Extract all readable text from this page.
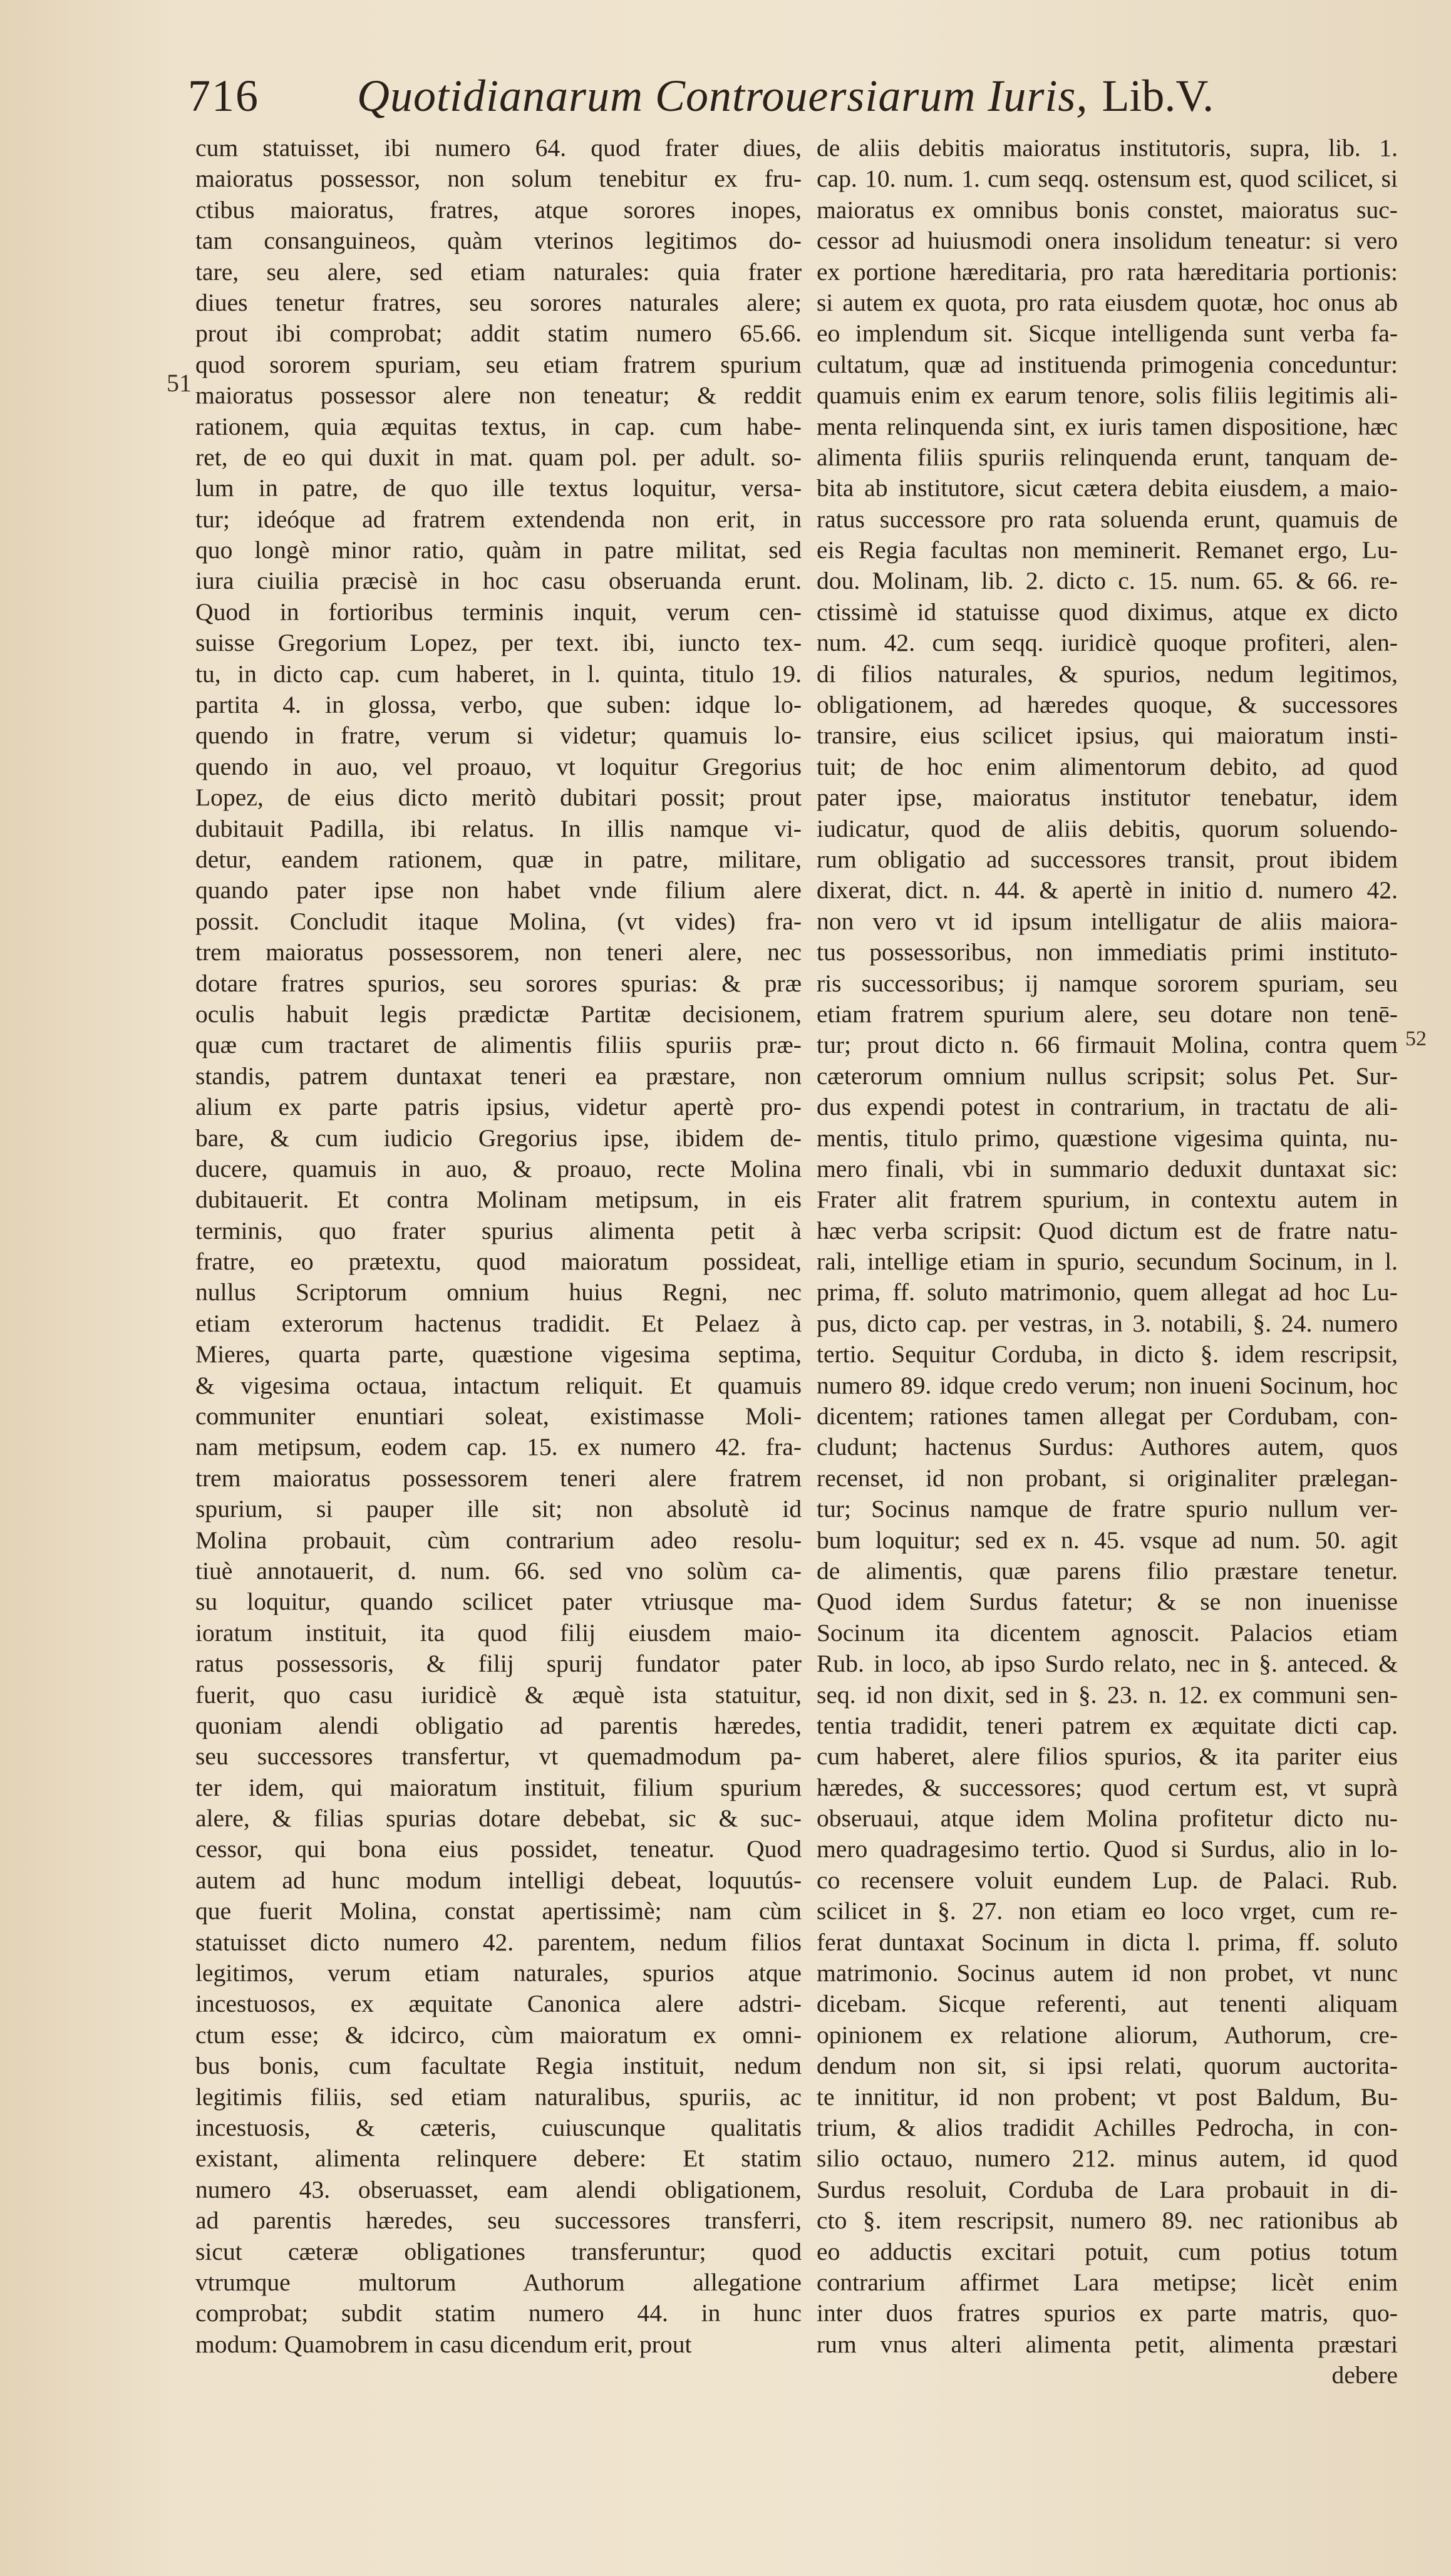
716	Quotidianarum Controuersiarum Iuris, Lib.V.
51
52
cum statuisset, ibi numero 64. quod frater diues,
maioratus possessor, non solum tenebitur ex fru-
ctibus maioratus, fratres, atque sorores inopes,
tam consanguineos, quàm vterinos legitimos do-
tare, seu alere, sed etiam naturales: quia frater
diues tenetur fratres, seu sorores naturales alere;
prout ibi comprobat; addit statim numero 65.66.
quod sororem spuriam, seu etiam fratrem spurium
maioratus possessor alere non teneatur; & reddit
rationem, quia æquitas textus, in cap. cum habe-
ret, de eo qui duxit in mat. quam pol. per adult. so-
lum in patre, de quo ille textus loquitur, versa-
tur; ideóque ad fratrem extendenda non erit, in
quo longè minor ratio, quàm in patre militat, sed
iura ciuilia præcisè in hoc casu obseruanda erunt.
Quod in fortioribus terminis inquit, verum cen-
suisse Gregorium Lopez, per text. ibi, iuncto tex-
tu, in dicto cap. cum haberet, in l. quinta, titulo 19.
partita 4. in glossa, verbo, que suben: idque lo-
quendo in fratre, verum si videtur; quamuis lo-
quendo in auo, vel proauo, vt loquitur Gregorius
Lopez, de eius dicto meritò dubitari possit; prout
dubitauit Padilla, ibi relatus. In illis namque vi-
detur, eandem rationem, quæ in patre, militare,
quando pater ipse non habet vnde filium alere
possit. Concludit itaque Molina, (vt vides) fra-
trem maioratus possessorem, non teneri alere, nec
dotare fratres spurios, seu sorores spurias: & præ
oculis habuit legis prædictæ Partitæ decisionem,
quæ cum tractaret de alimentis filiis spuriis præ-
standis, patrem duntaxat teneri ea præstare, non
alium ex parte patris ipsius, videtur apertè pro-
bare, & cum iudicio Gregorius ipse, ibidem de-
ducere, quamuis in auo, & proauo, recte Molina
dubitauerit. Et contra Molinam metipsum, in eis
terminis, quo frater spurius alimenta petit à
fratre, eo prætextu, quod maioratum possideat,
nullus Scriptorum omnium huius Regni, nec
etiam exterorum hactenus tradidit. Et Pelaez à
Mieres, quarta parte, quæstione vigesima septima,
& vigesima octaua, intactum reliquit. Et quamuis
communiter enuntiari soleat, existimasse Moli-
nam metipsum, eodem cap. 15. ex numero 42. fra-
trem maioratus possessorem teneri alere fratrem
spurium, si pauper ille sit; non absolutè id
Molina probauit, cùm contrarium adeo resolu-
tiuè annotauerit, d. num. 66. sed vno solùm ca-
su loquitur, quando scilicet pater vtriusque ma-
ioratum instituit, ita quod filij eiusdem maio-
ratus possessoris, & filij spurij fundator pater
fuerit, quo casu iuridicè & æquè ista statuitur,
quoniam alendi obligatio ad parentis hæredes,
seu successores transfertur, vt quemadmodum pa-
ter idem, qui maioratum instituit, filium spurium
alere, & filias spurias dotare debebat, sic & suc-
cessor, qui bona eius possidet, teneatur. Quod
autem ad hunc modum intelligi debeat, loquutús-
que fuerit Molina, constat apertissimè; nam cùm
statuisset dicto numero 42. parentem, nedum filios
legitimos, verum etiam naturales, spurios atque
incestuosos, ex æquitate Canonica alere adstri-
ctum esse; & idcirco, cùm maioratum ex omni-
bus bonis, cum facultate Regia instituit, nedum
legitimis filiis, sed etiam naturalibus, spuriis, ac
incestuosis, & cæteris, cuiuscunque qualitatis
existant, alimenta relinquere debere: Et statim
numero 43. obseruasset, eam alendi obligationem,
ad parentis hæredes, seu successores transferri,
sicut cæteræ obligationes transferuntur; quod
vtrumque multorum Authorum allegatione
comprobat; subdit statim numero 44. in hunc
modum: Quamobrem in casu dicendum erit, prout
de aliis debitis maioratus institutoris, supra, lib. 1.
cap. 10. num. 1. cum seqq. ostensum est, quod scilicet, si
maioratus ex omnibus bonis constet, maioratus suc-
cessor ad huiusmodi onera insolidum teneatur: si vero
ex portione hæreditaria, pro rata hæreditaria portionis:
si autem ex quota, pro rata eiusdem quotæ, hoc onus ab
eo implendum sit. Sicque intelligenda sunt verba fa-
cultatum, quæ ad instituenda primogenia conceduntur:
quamuis enim ex earum tenore, solis filiis legitimis ali-
menta relinquenda sint, ex iuris tamen dispositione, hæc
alimenta filiis spuriis relinquenda erunt, tanquam de-
bita ab institutore, sicut cætera debita eiusdem, a maio-
ratus successore pro rata soluenda erunt, quamuis de
eis Regia facultas non meminerit. Remanet ergo, Lu-
dou. Molinam, lib. 2. dicto c. 15. num. 65. & 66. re-
ctissimè id statuisse quod diximus, atque ex dicto
num. 42. cum seqq. iuridicè quoque profiteri, alen-
di filios naturales, & spurios, nedum legitimos,
obligationem, ad hæredes quoque, & successores
transire, eius scilicet ipsius, qui maioratum insti-
tuit; de hoc enim alimentorum debito, ad quod
pater ipse, maioratus institutor tenebatur, idem
iudicatur, quod de aliis debitis, quorum soluendo-
rum obligatio ad successores transit, prout ibidem
dixerat, dict. n. 44. & apertè in initio d. numero 42.
non vero vt id ipsum intelligatur de aliis maiora-
tus possessoribus, non immediatis primi instituto-
ris successoribus; ij namque sororem spuriam, seu
etiam fratrem spurium alere, seu dotare non tenē-
tur; prout dicto n. 66 firmauit Molina, contra quem
cæterorum omnium nullus scripsit; solus Pet. Sur-
dus expendi potest in contrarium, in tractatu de ali-
mentis, titulo primo, quæstione vigesima quinta, nu-
mero finali, vbi in summario deduxit duntaxat sic:
Frater alit fratrem spurium, in contextu autem in
hæc verba scripsit: Quod dictum est de fratre natu-
rali, intellige etiam in spurio, secundum Socinum, in l.
prima, ff. soluto matrimonio, quem allegat ad hoc Lu-
pus, dicto cap. per vestras, in 3. notabili, §. 24. numero
tertio. Sequitur Corduba, in dicto §. idem rescripsit,
numero 89. idque credo verum; non inueni Socinum, hoc
dicentem; rationes tamen allegat per Cordubam, con-
cludunt; hactenus Surdus: Authores autem, quos
recenset, id non probant, si originaliter prælegan-
tur; Socinus namque de fratre spurio nullum ver-
bum loquitur; sed ex n. 45. vsque ad num. 50. agit
de alimentis, quæ parens filio præstare tenetur.
Quod idem Surdus fatetur; & se non inuenisse
Socinum ita dicentem agnoscit. Palacios etiam
Rub. in loco, ab ipso Surdo relato, nec in §. anteced. &
seq. id non dixit, sed in §. 23. n. 12. ex communi sen-
tentia tradidit, teneri patrem ex æquitate dicti cap.
cum haberet, alere filios spurios, & ita pariter eius
hæredes, & successores; quod certum est, vt suprà
obseruaui, atque idem Molina profitetur dicto nu-
mero quadragesimo tertio. Quod si Surdus, alio in lo-
co recensere voluit eundem Lup. de Palaci. Rub.
scilicet in §. 27. non etiam eo loco vrget, cum re-
ferat duntaxat Socinum in dicta l. prima, ff. soluto
matrimonio. Socinus autem id non probet, vt nunc
dicebam. Sicque referenti, aut tenenti aliquam
opinionem ex relatione aliorum, Authorum, cre-
dendum non sit, si ipsi relati, quorum auctorita-
te innititur, id non probent; vt post Baldum, Bu-
trium, & alios tradidit Achilles Pedrocha, in con-
silio octauo, numero 212. minus autem, id quod
Surdus resoluit, Corduba de Lara probauit in di-
cto §. item rescripsit, numero 89. nec rationibus ab
eo adductis excitari potuit, cum potius totum
contrarium affirmet Lara metipse; licèt enim
inter duos fratres spurios ex parte matris, quo-
rum vnus alteri alimenta petit, alimenta præstari
debere
